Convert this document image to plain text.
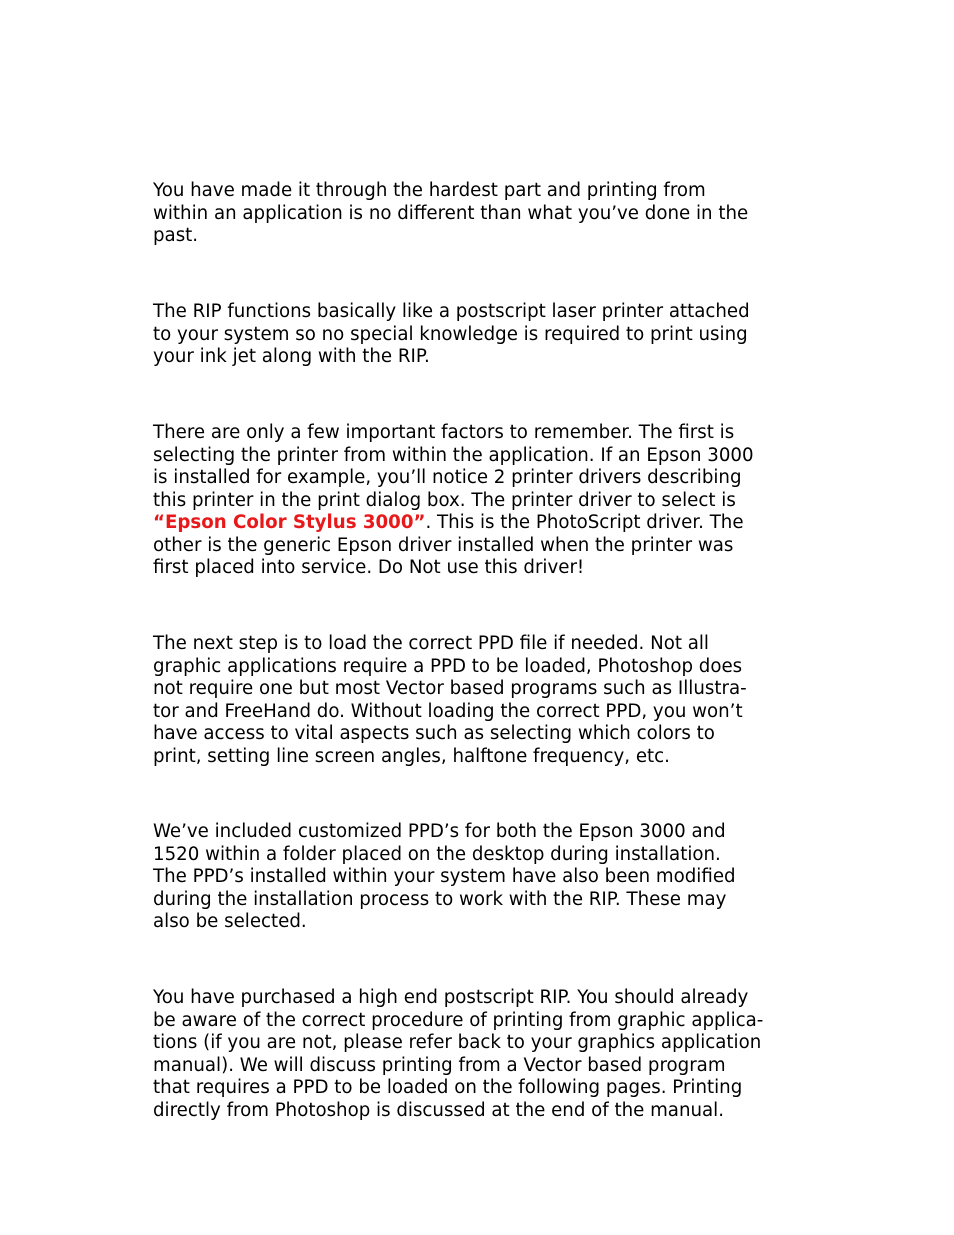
You have made it through the hardest part and printing from
within an application is no different than what you’ve done in the
past.

The RIP functions basically like a postscript laser printer attached
to your system so no special knowledge is required to print using
your ink jet along with the RIP.

There are only a few important factors to remember. The first is
selecting the printer from within the application. If an Epson 3000
is installed for example, you’ll notice 2 printer drivers describing
this printer in the print dialog box. The printer driver to select is
“Epson Color Stylus 3000”. This is the PhotoScript driver. The
other is the generic Epson driver installed when the printer was
first placed into service. Do Not use this driver!

The next step is to load the correct PPD file if needed. Not all
graphic applications require a PPD to be loaded, Photoshop does
not require one but most Vector based programs such as Illustra-
tor and FreeHand do. Without loading the correct PPD, you won’t
have access to vital aspects such as selecting which colors to
print, setting line screen angles, halftone frequency, etc.

We’ve included customized PPD’s for both the Epson 3000 and
1520 within a folder placed on the desktop during installation.
The PPD’s installed within your system have also been modified
during the installation process to work with the RIP. These may
also be selected.

You have purchased a high end postscript RIP. You should already
be aware of the correct procedure of printing from graphic applica-
tions (if you are not, please refer back to your graphics application
manual). We will discuss printing from a Vector based program
that requires a PPD to be loaded on the following pages. Printing
directly from Photoshop is discussed at the end of the manual.
